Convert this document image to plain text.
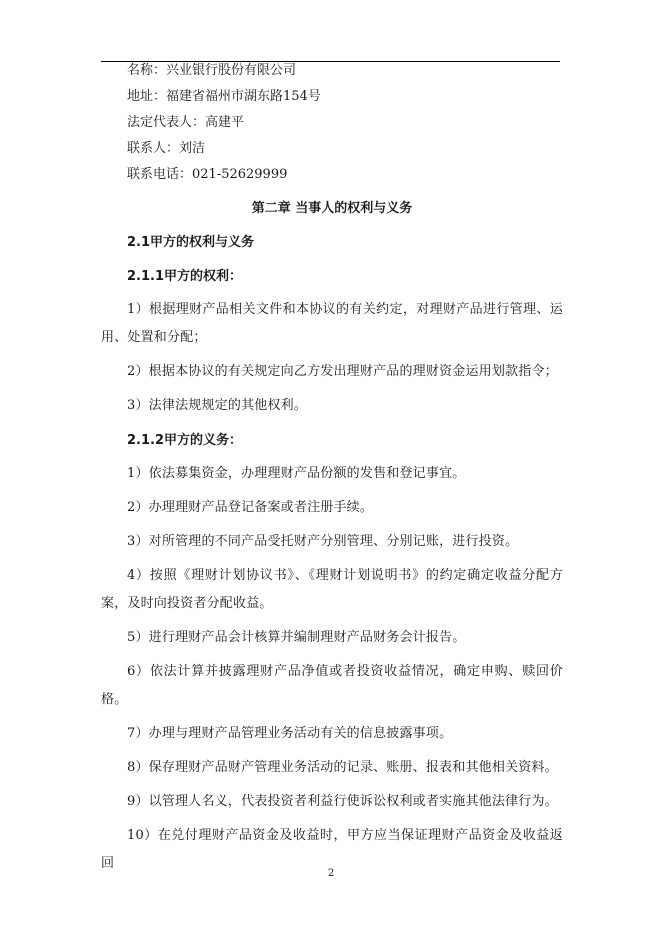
名称：兴业银行股份有限公司
地址：福建省福州市湖东路154号
法定代表人：高建平
联系人：刘洁
联系电话：021-52629999
第二章 当事人的权利与义务
2.1甲方的权利与义务
2.1.1甲方的权利：
1）根据理财产品相关文件和本协议的有关约定，对理财产品进行管理、运用、处置和分配；
2）根据本协议的有关规定向乙方发出理财产品的理财资金运用划款指令；
3）法律法规规定的其他权利。
2.1.2甲方的义务：
1）依法募集资金，办理理财产品份额的发售和登记事宜。
2）办理理财产品登记备案或者注册手续。
3）对所管理的不同产品受托财产分别管理、分别记账，进行投资。
4）按照《理财计划协议书》、《理财计划说明书》的约定确定收益分配方案，及时向投资者分配收益。
5）进行理财产品会计核算并编制理财产品财务会计报告。
6）依法计算并披露理财产品净值或者投资收益情况，确定申购、赎回价格。
7）办理与理财产品管理业务活动有关的信息披露事项。
8）保存理财产品财产管理业务活动的记录、账册、报表和其他相关资料。
9）以管理人名义，代表投资者利益行使诉讼权利或者实施其他法律行为。
10）在兑付理财产品资金及收益时，甲方应当保证理财产品资金及收益返回
2
